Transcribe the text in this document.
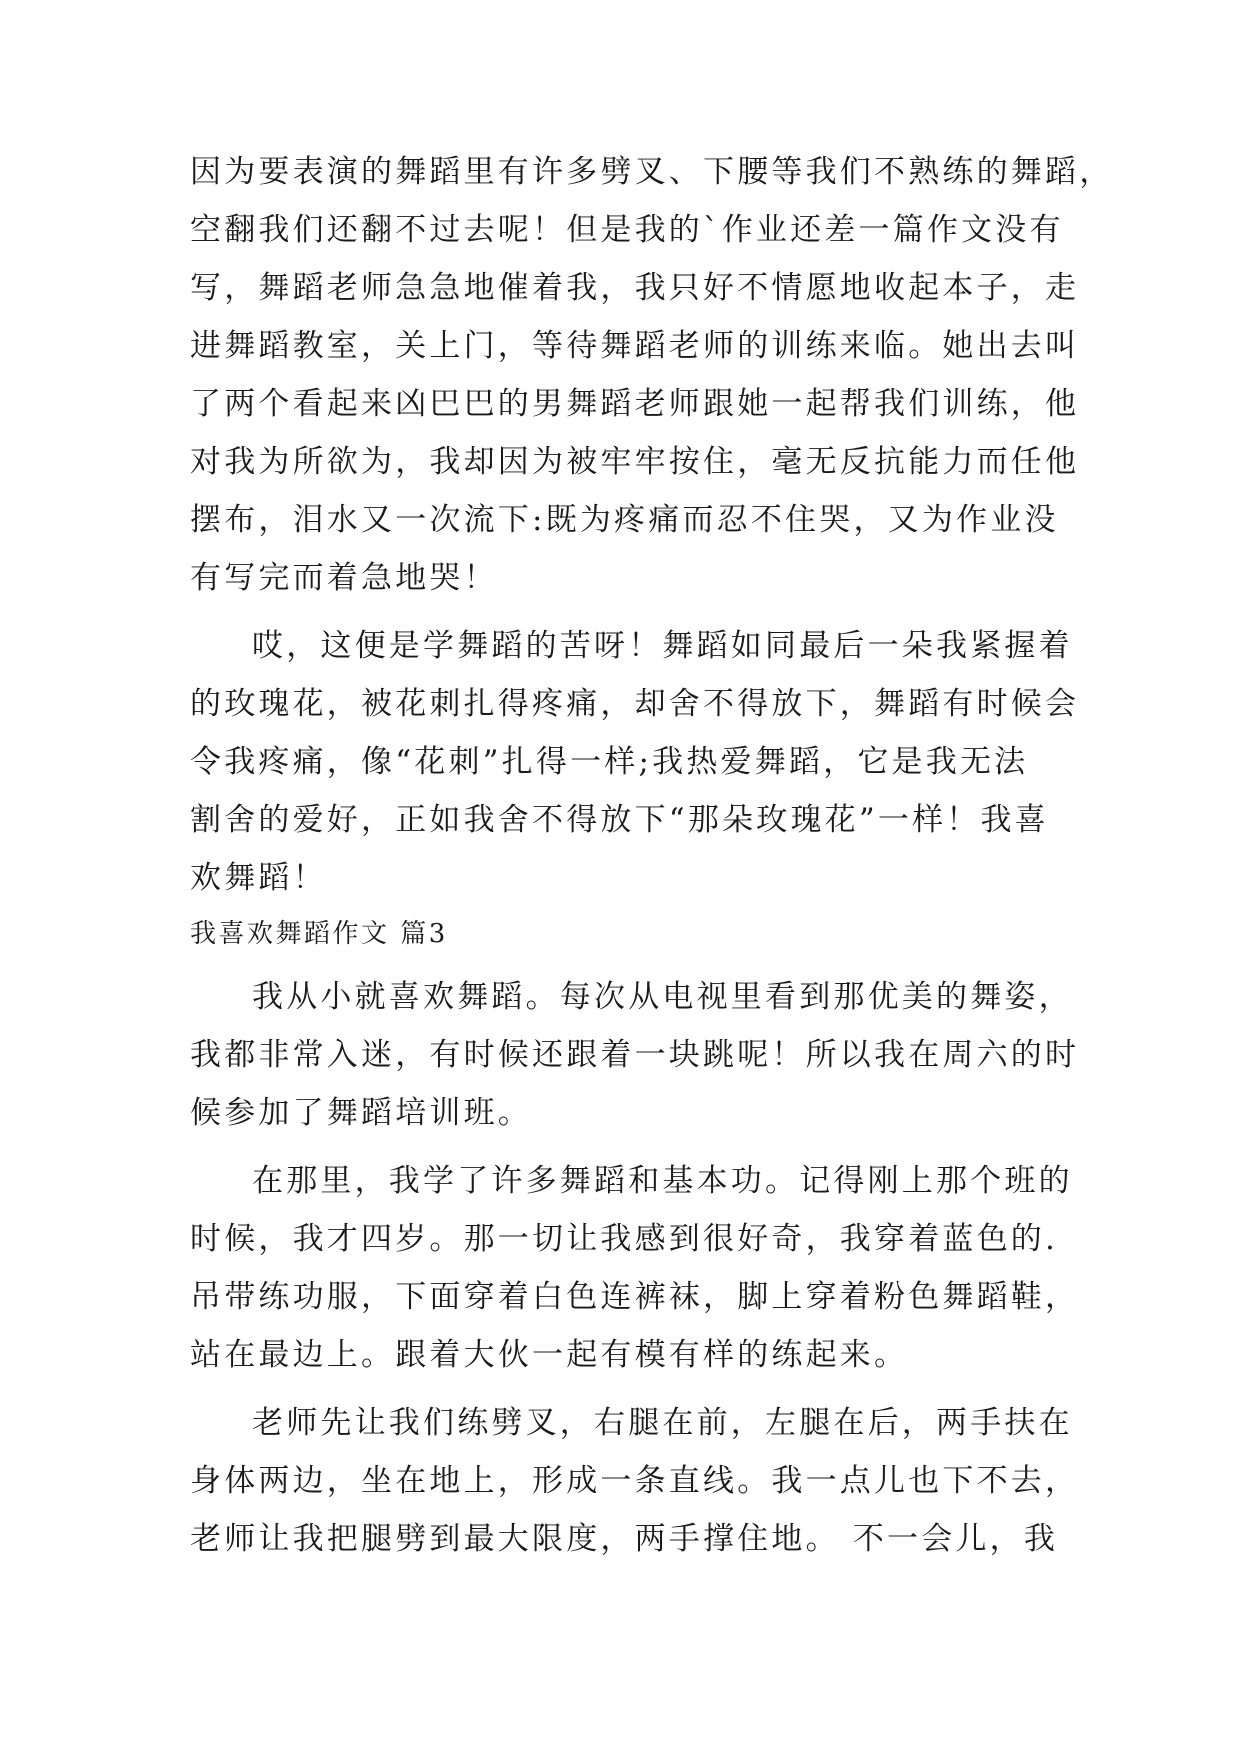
因为要表演的舞蹈里有许多劈叉、下腰等我们不熟练的舞蹈，
空翻我们还翻不过去呢！但是我的`作业还差一篇作文没有
写，舞蹈老师急急地催着我，我只好不情愿地收起本子，走
进舞蹈教室，关上门，等待舞蹈老师的训练来临。她出去叫
了两个看起来凶巴巴的男舞蹈老师跟她一起帮我们训练，他
对我为所欲为，我却因为被牢牢按住，毫无反抗能力而任他
摆布，泪水又一次流下:既为疼痛而忍不住哭，又为作业没
有写完而着急地哭！
哎，这便是学舞蹈的苦呀！舞蹈如同最后一朵我紧握着
的玫瑰花，被花刺扎得疼痛，却舍不得放下，舞蹈有时候会
令我疼痛，像“花刺”扎得一样;我热爱舞蹈，它是我无法
割舍的爱好，正如我舍不得放下“那朵玫瑰花”一样！我喜
欢舞蹈！
我喜欢舞蹈作文 篇3
我从小就喜欢舞蹈。每次从电视里看到那优美的舞姿，
我都非常入迷，有时候还跟着一块跳呢！所以我在周六的时
候参加了舞蹈培训班。
在那里，我学了许多舞蹈和基本功。记得刚上那个班的
时候，我才四岁。那一切让我感到很好奇，我穿着蓝色的.
吊带练功服，下面穿着白色连裤袜，脚上穿着粉色舞蹈鞋，
站在最边上。跟着大伙一起有模有样的练起来。
老师先让我们练劈叉，右腿在前，左腿在后，两手扶在
身体两边，坐在地上，形成一条直线。我一点儿也下不去，
老师让我把腿劈到最大限度，两手撑住地。 不一会儿，我
